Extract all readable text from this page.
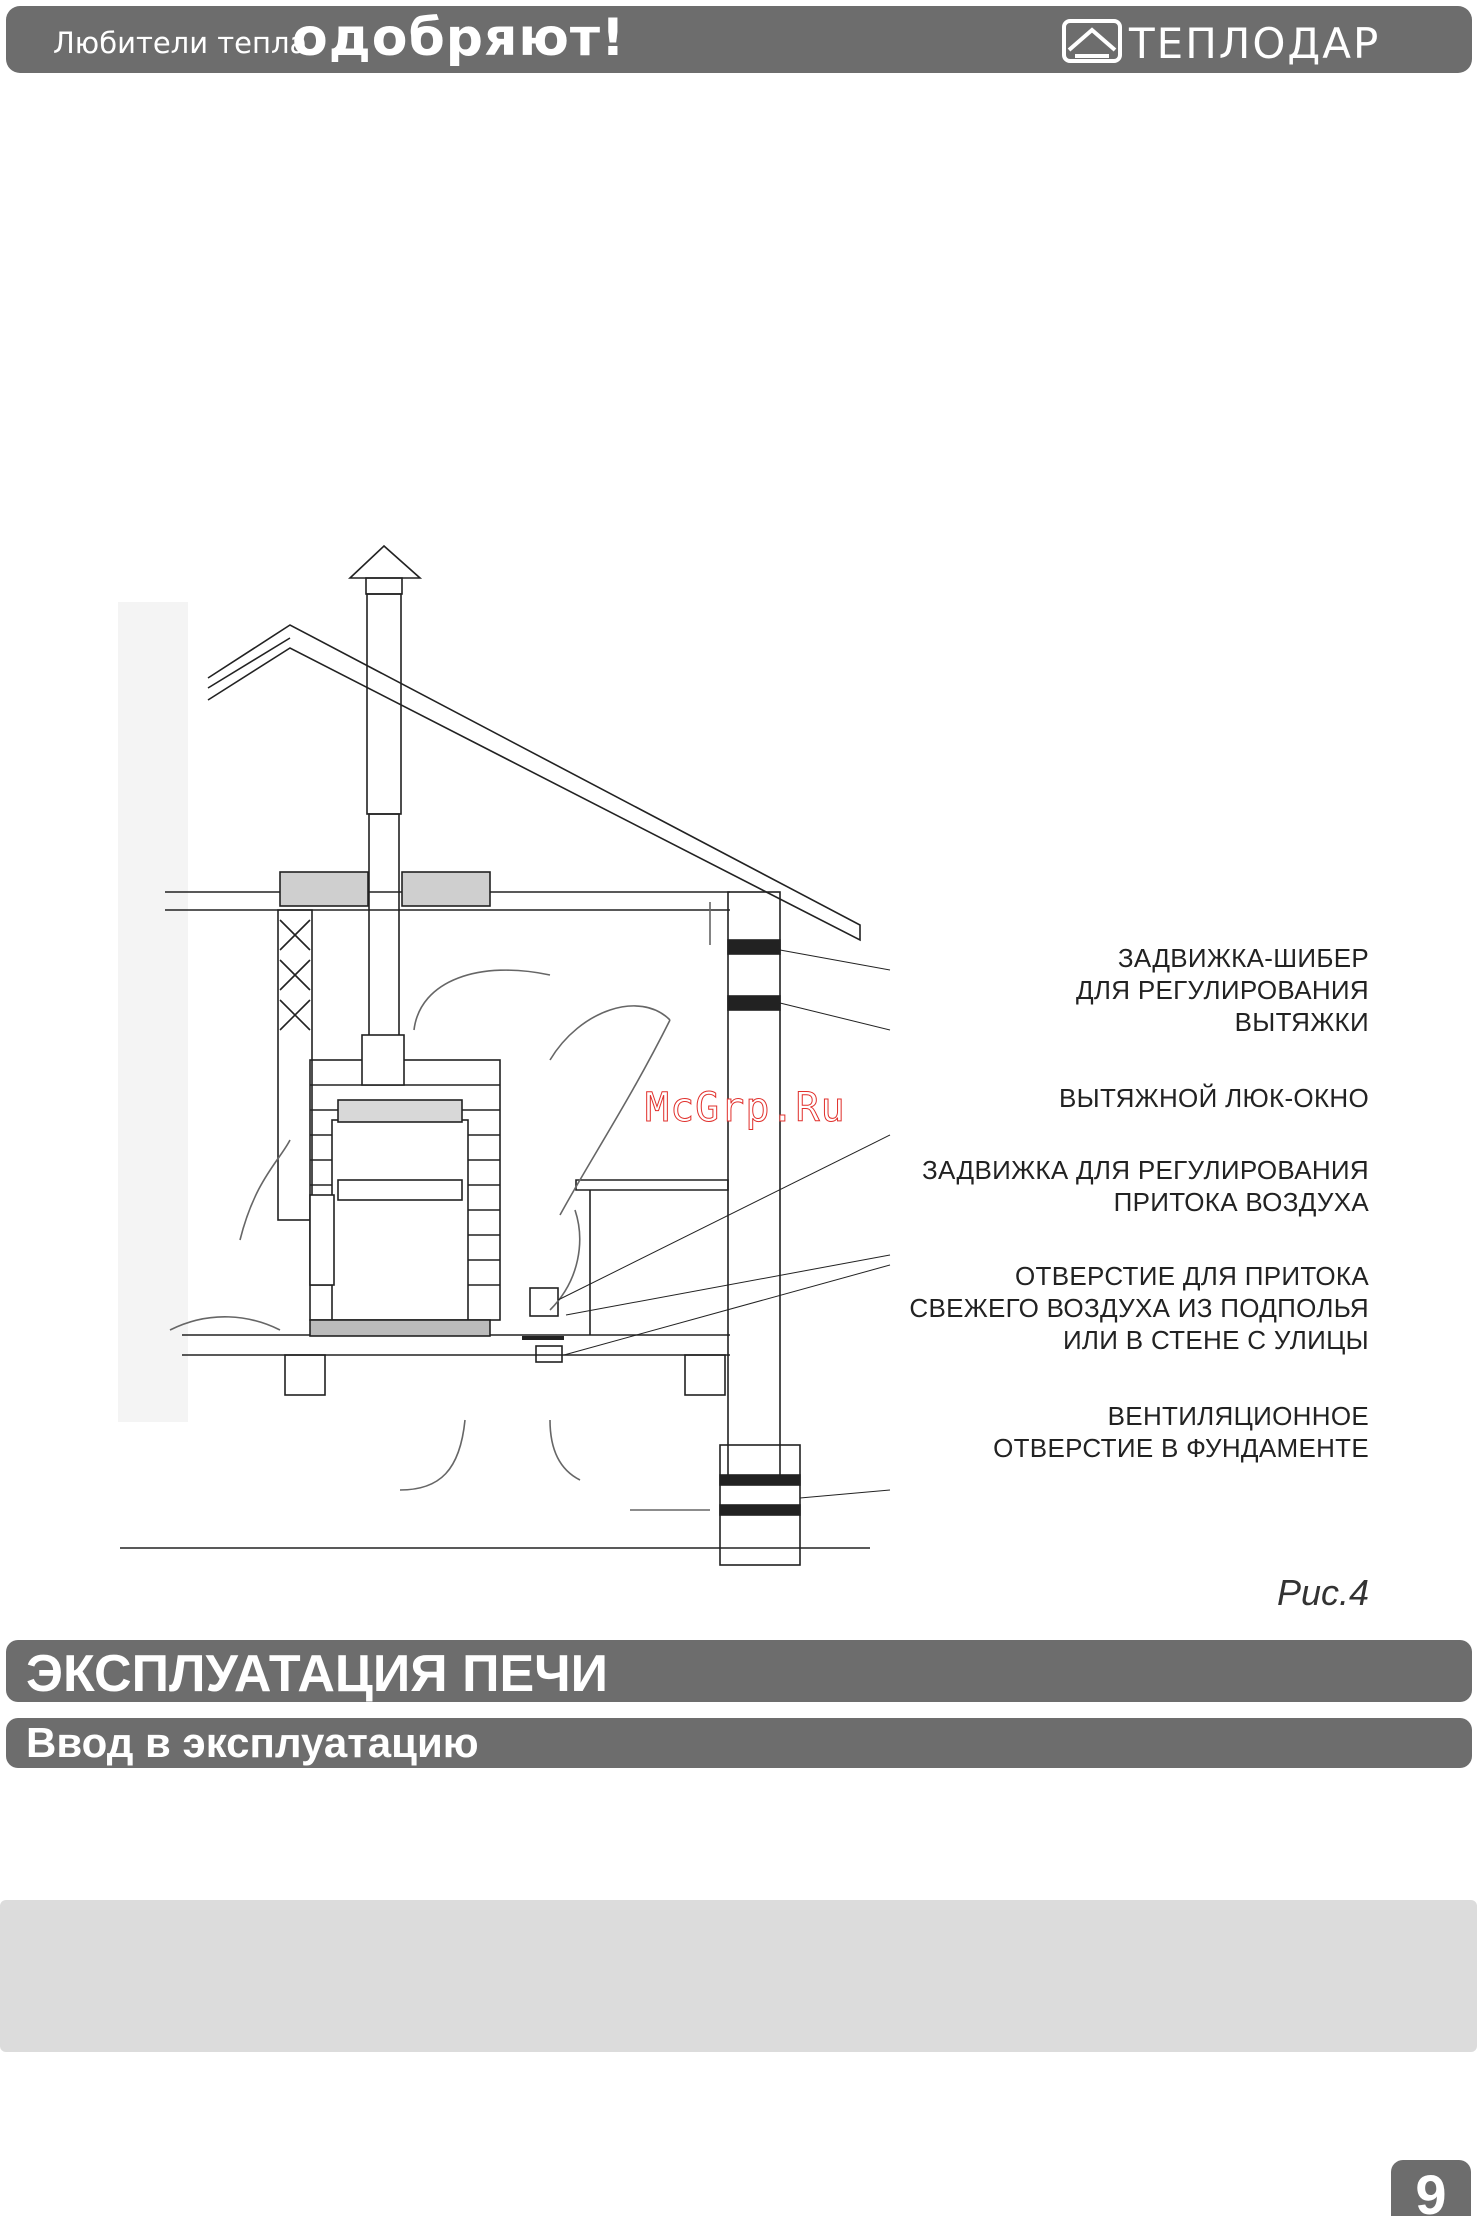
Любители тепла
одобряют!	ТЕПЛОДАР
McGrp.Ru
ЗАДВИЖКА-ШИБЕР
ДЛЯ РЕГУЛИРОВАНИЯ
ВЫТЯЖКИ
ВЫТЯЖНОЙ ЛЮК-ОКНО
ЗАДВИЖКА ДЛЯ РЕГУЛИРОВАНИЯ
ПРИТОКА ВОЗДУХА
ОТВЕРСТИЕ ДЛЯ ПРИТОКА
СВЕЖЕГО ВОЗДУХА ИЗ ПОДПОЛЬЯ
ИЛИ В СТЕНЕ С УЛИЦЫ
ВЕНТИЛЯЦИОННОЕ
ОТВЕРСТИЕ В ФУНДАМЕНТЕ
Рис.4
ЭКСПЛУАТАЦИЯ ПЕЧИ
Ввод в эксплуатацию
9
